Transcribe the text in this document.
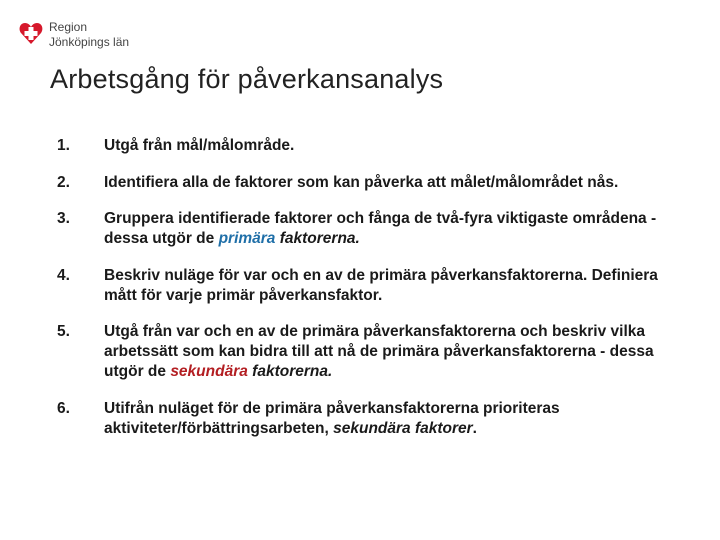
Region
Jönköpings län
Arbetsgång för påverkansanalys
1. Utgå från mål/målområde.
2. Identifiera alla de faktorer som kan påverka att målet/målområdet nås.
3. Gruppera identifierade faktorer och fånga de två-fyra viktigaste områdena - dessa utgör de primära faktorerna.
4. Beskriv nuläge för var och en av de primära påverkansfaktorerna. Definiera mått för varje primär påverkansfaktor.
5. Utgå från var och en av de primära påverkansfaktorerna och beskriv vilka arbetssätt som kan bidra till att nå de primära påverkansfaktorerna - dessa utgör de sekundära faktorerna.
6. Utifrån nuläget för de primära påverkansfaktorerna prioriteras aktiviteter/förbättringsarbeten, sekundära faktorer.
